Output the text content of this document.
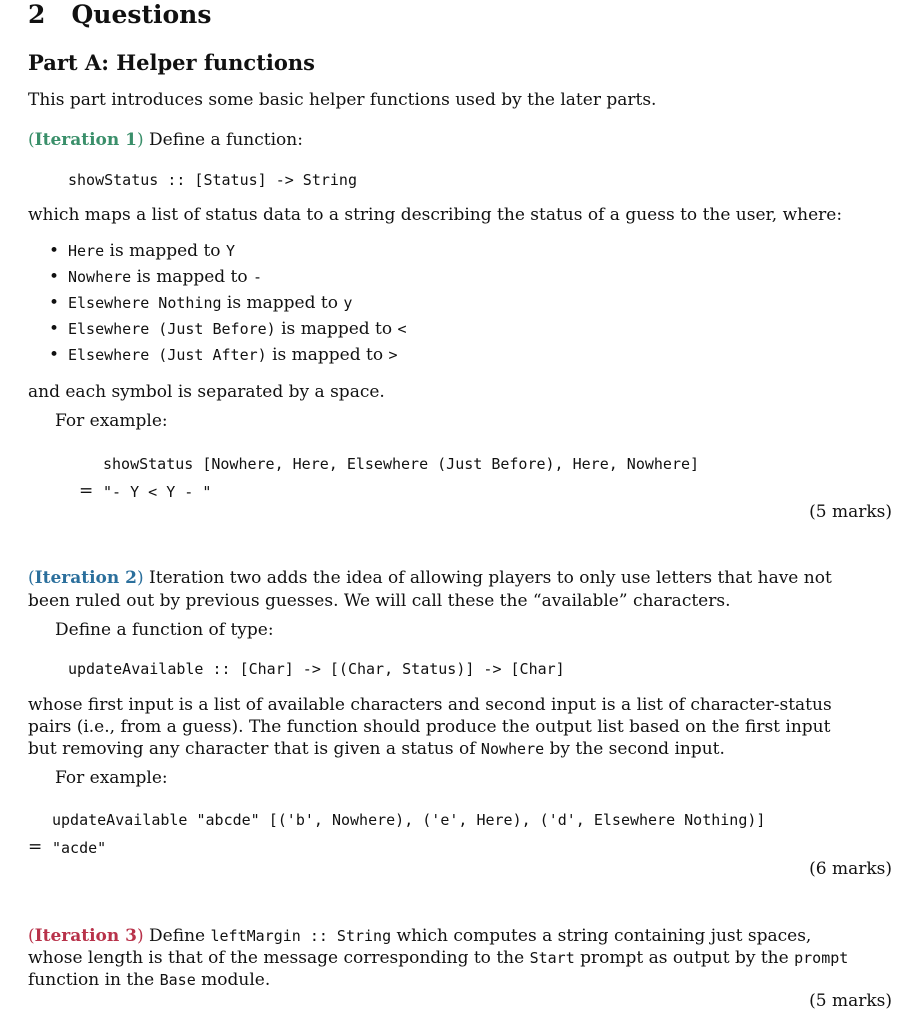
2 Questions
Part A: Helper functions
This part introduces some basic helper functions used by the later parts.
(Iteration 1) Define a function:
showStatus :: [Status] -> String
which maps a list of status data to a string describing the status of a guess to the user, where:
• Here is mapped to Y
• Nowhere is mapped to -
• Elsewhere Nothing is mapped to y
• Elsewhere (Just Before) is mapped to <
• Elsewhere (Just After) is mapped to >
and each symbol is separated by a space.
For example:
showStatus [Nowhere, Here, Elsewhere (Just Before), Here, Nowhere]
= "- Y < Y - "
(5 marks)
(Iteration 2) Iteration two adds the idea of allowing players to only use letters that have not
been ruled out by previous guesses. We will call these the “available” characters.
Define a function of type:
updateAvailable :: [Char] -> [(Char, Status)] -> [Char]
whose first input is a list of available characters and second input is a list of character-status
pairs (i.e., from a guess). The function should produce the output list based on the first input
but removing any character that is given a status of Nowhere by the second input.
For example:
updateAvailable "abcde" [('b', Nowhere), ('e', Here), ('d', Elsewhere Nothing)]
= "acde"
(6 marks)
(Iteration 3) Define leftMargin :: String which computes a string containing just spaces,
whose length is that of the message corresponding to the Start prompt as output by the prompt
function in the Base module.
(5 marks)
